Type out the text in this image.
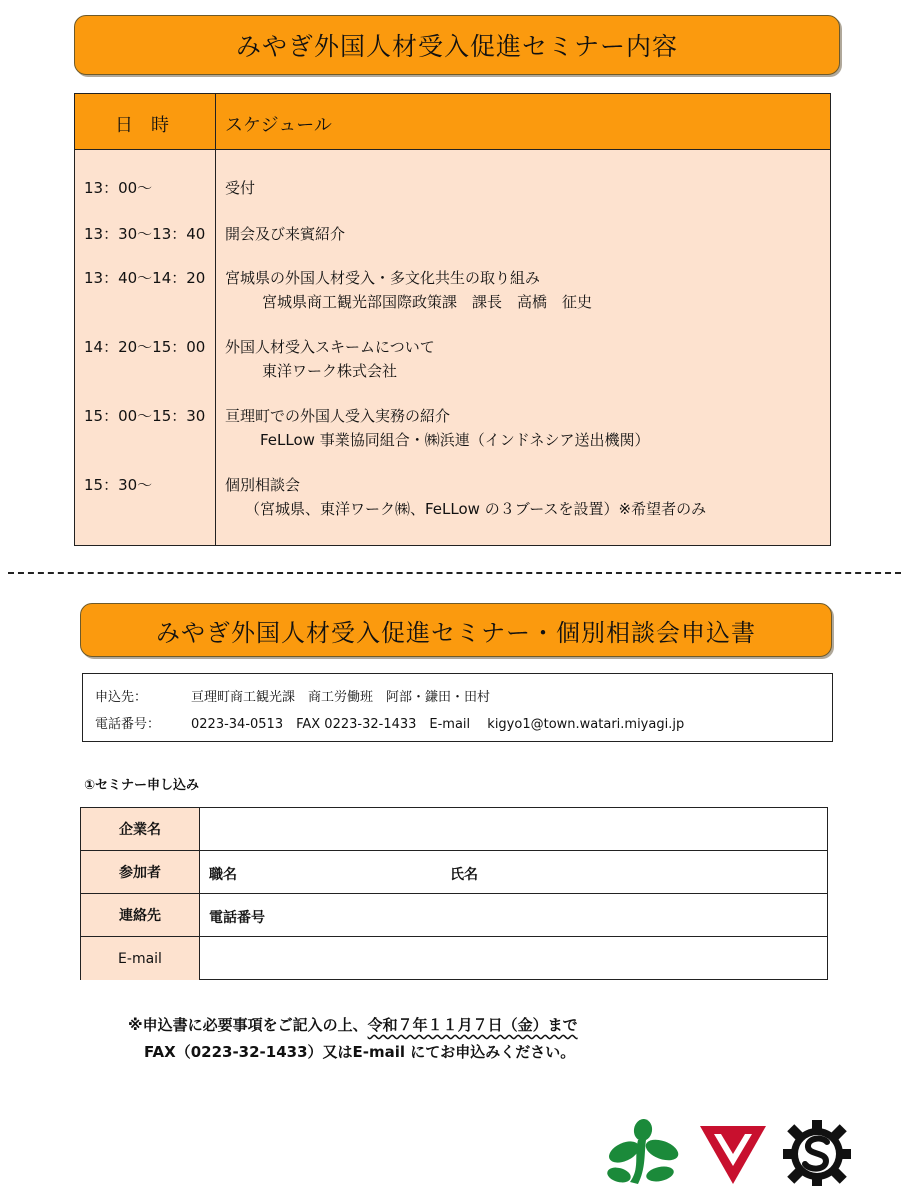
みやぎ外国人材受入促進セミナー内容
日　時	スケジュール
13：00～	受付
13：30～13：40 開会及び来賓紹介
13：40～14：20 宮城県の外国人材受入・多文化共生の取り組み
宮城県商工観光部国際政策課　課長　高橋　征史
14：20～15：00 外国人材受入スキームについて
東洋ワーク株式会社
15：00～15：30 亘理町での外国人受入実務の紹介
FeLLow 事業協同組合・㈱浜連（インドネシア送出機関）
15：30～	個別相談会
（宮城県、東洋ワーク㈱、FeLLow の３ブースを設置）※希望者のみ
みやぎ外国人材受入促進セミナー・個別相談会申込書
申込先：	亘理町商工観光課　商工労働班　阿部・鎌田・田村
電話番号： 0223-34-0513　FAX 0223-32-1433　E-mail　 kigyo1@town.watari.miyagi.jp
①セミナー申し込み
企業名
参加者	職名	氏名
連絡先	電話番号
E-mail
※申込書に必要事項をご記入の上、令和７年１１月７日（金）まで
FAX（0223-32-1433）又はE-mail にてお申込みください。
